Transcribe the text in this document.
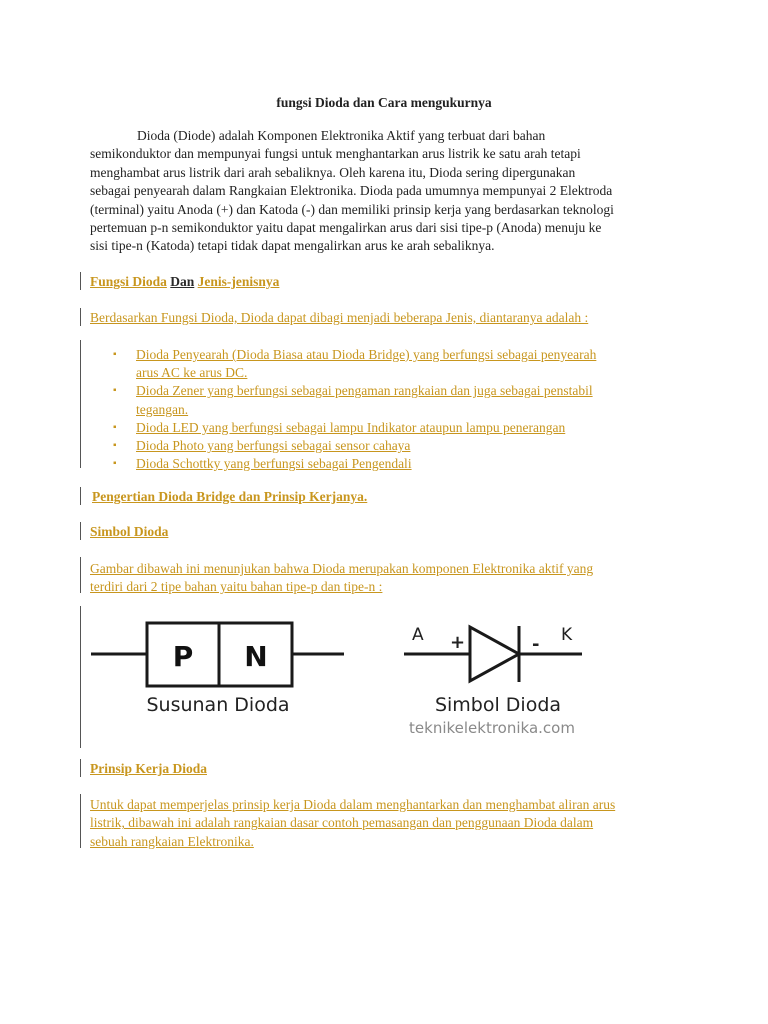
fungsi Dioda dan Cara mengukurnya

Dioda (Diode) adalah Komponen Elektronika Aktif yang terbuat dari bahan
semikonduktor dan mempunyai fungsi untuk menghantarkan arus listrik ke satu arah tetapi
menghambat arus listrik dari arah sebaliknya. Oleh karena itu, Dioda sering dipergunakan
sebagai penyearah dalam Rangkaian Elektronika. Dioda pada umumnya mempunyai 2 Elektroda
(terminal) yaitu Anoda (+) dan Katoda (-) dan memiliki prinsip kerja yang berdasarkan teknologi
pertemuan p-n semikonduktor yaitu dapat mengalirkan arus dari sisi tipe-p (Anoda) menuju ke
sisi tipe-n (Katoda) tetapi tidak dapat mengalirkan arus ke arah sebaliknya.

Fungsi Dioda Dan Jenis-jenisnya
Berdasarkan Fungsi Dioda, Dioda dapat dibagi menjadi beberapa Jenis, diantaranya adalah :
▪ Dioda Penyearah (Dioda Biasa atau Dioda Bridge) yang berfungsi sebagai penyearah
arus AC ke arus DC.
▪ Dioda Zener yang berfungsi sebagai pengaman rangkaian dan juga sebagai penstabil
tegangan.
▪ Dioda LED yang berfungsi sebagai lampu Indikator ataupun lampu penerangan
▪ Dioda Photo yang berfungsi sebagai sensor cahaya
▪ Dioda Schottky yang berfungsi sebagai Pengendali
Pengertian Dioda Bridge dan Prinsip Kerjanya.
Simbol Dioda
Gambar dibawah ini menunjukan bahwa Dioda merupakan komponen Elektronika aktif yang
terdiri dari 2 tipe bahan yaitu bahan tipe-p dan tipe-n :
P N
Susunan Dioda
A +	- K
Simbol Dioda
teknikelektronika.com
Prinsip Kerja Dioda
Untuk dapat memperjelas prinsip kerja Dioda dalam menghantarkan dan menghambat aliran arus
listrik, dibawah ini adalah rangkaian dasar contoh pemasangan dan penggunaan Dioda dalam
sebuah rangkaian Elektronika.
